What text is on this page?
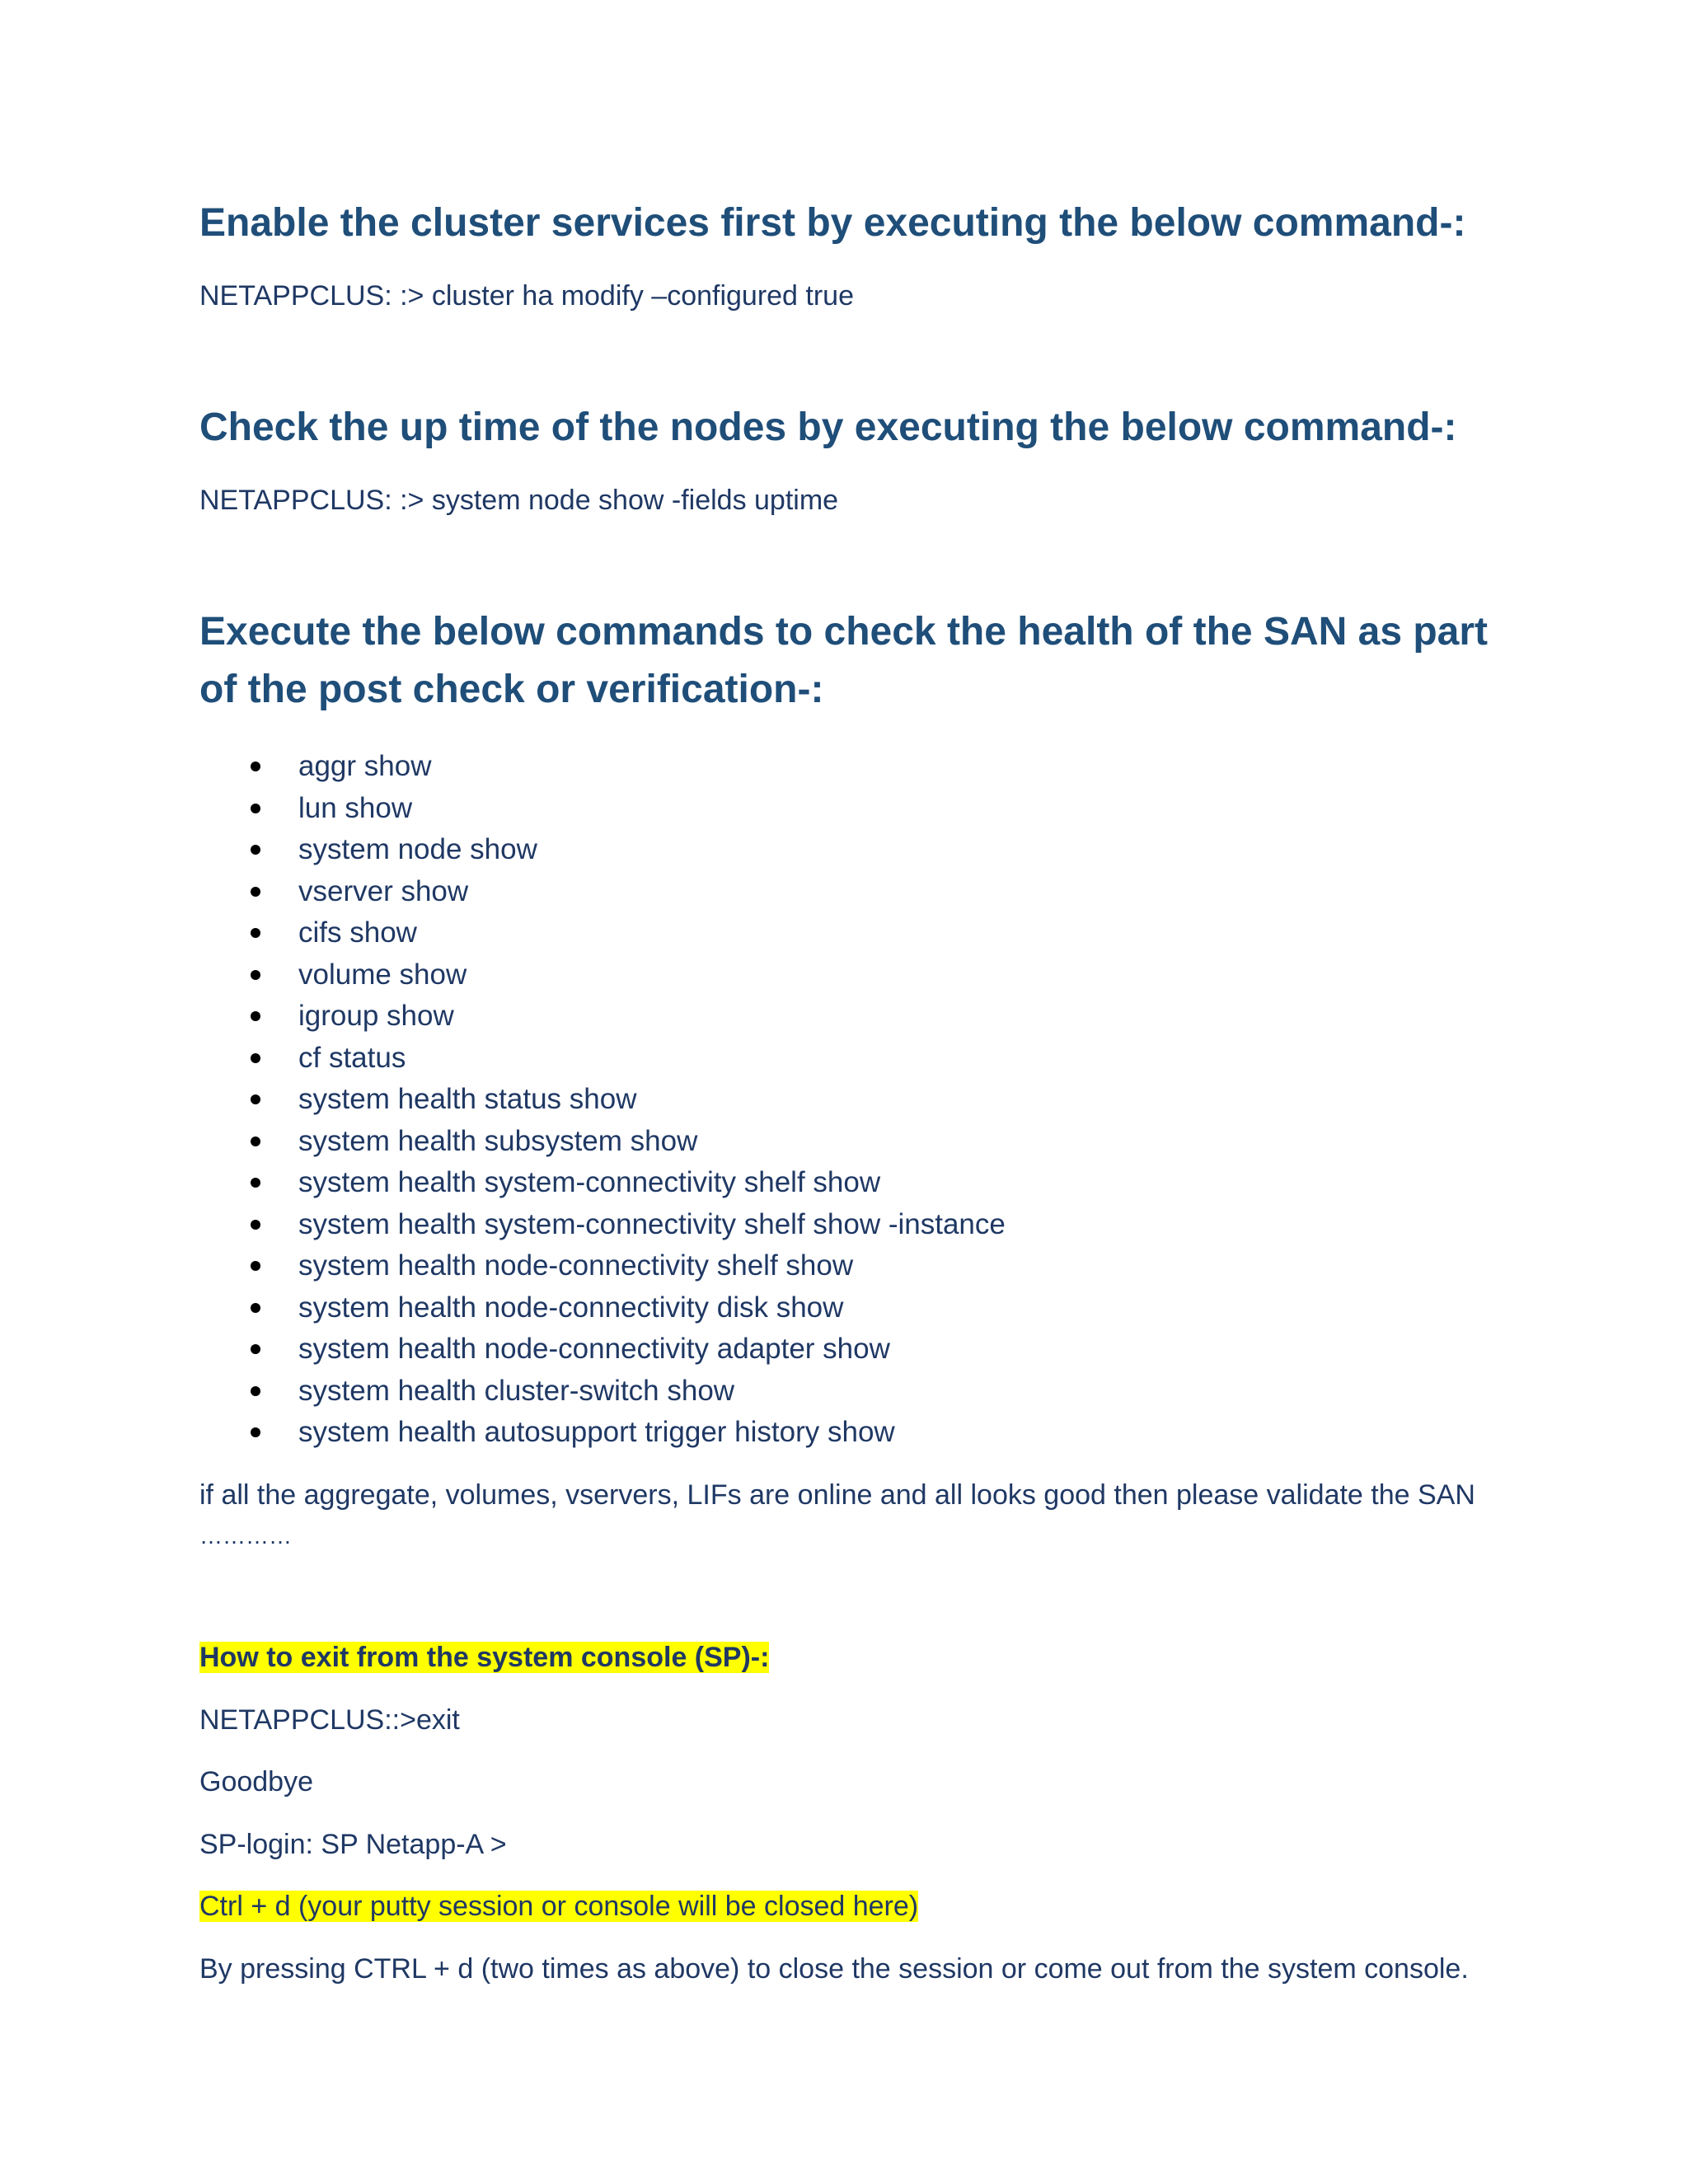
Enable the cluster services first by executing the below command-:

NETAPPCLUS: :> cluster ha modify –configured true

Check the up time of the nodes by executing the below command-:

NETAPPCLUS: :> system node show -fields uptime

Execute the below commands to check the health of the SAN as part
of the post check or verification-:
aggr show
lun show
system node show
vserver show
cifs show
volume show
igroup show
cf status
system health status show
system health subsystem show
system health system-connectivity shelf show
system health system-connectivity shelf show -instance
system health node-connectivity shelf show
system health node-connectivity disk show
system health node-connectivity adapter show
system health cluster-switch show
system health autosupport trigger history show

if all the aggregate, volumes, vservers, LIFs are online and all looks good then please validate the SAN

…………

How to exit from the system console (SP)-:

NETAPPCLUS::>exit

Goodbye

SP-login: SP Netapp-A >

Ctrl + d (your putty session or console will be closed here)

By pressing CTRL + d (two times as above) to close the session or come out from the system console.
